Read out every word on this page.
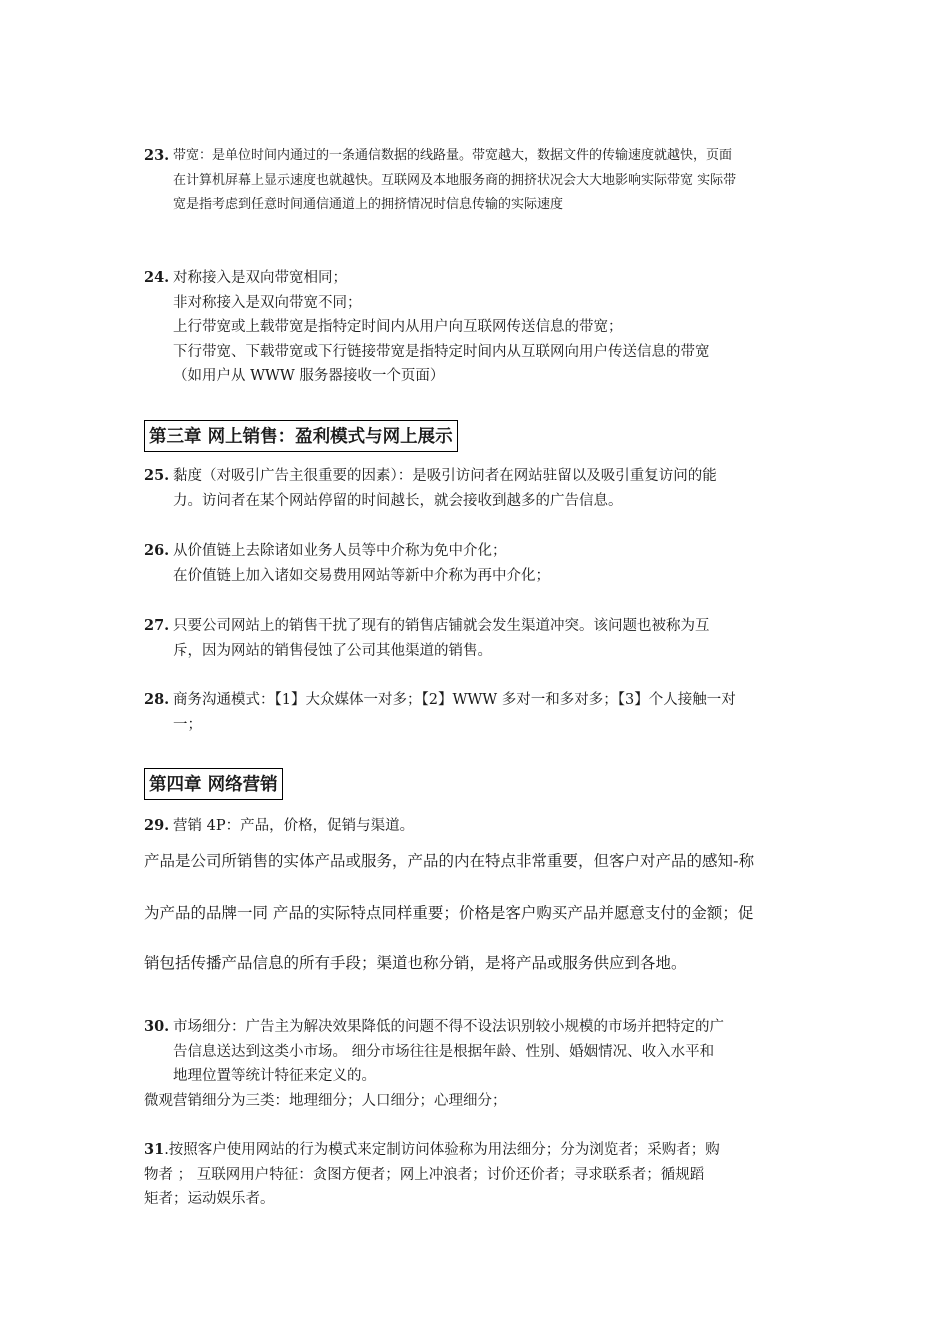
23. 带宽：是单位时间内通过的一条通信数据的线路量。带宽越大，数据文件的传输速度就越快，页面
在计算机屏幕上显示速度也就越快。互联网及本地服务商的拥挤状况会大大地影响实际带宽 实际带
宽是指考虑到任意时间通信通道上的拥挤情况时信息传输的实际速度
24. 对称接入是双向带宽相同；
非对称接入是双向带宽不同；
上行带宽或上载带宽是指特定时间内从用户向互联网传送信息的带宽；
下行带宽、下载带宽或下行链接带宽是指特定时间内从互联网向用户传送信息的带宽
（如用户从 WWW 服务器接收一个页面）
第三章 网上销售：盈利模式与网上展示
25. 黏度（对吸引广告主很重要的因素）：是吸引访问者在网站驻留以及吸引重复访问的能
力。访问者在某个网站停留的时间越长，就会接收到越多的广告信息。
26. 从价值链上去除诸如业务人员等中介称为免中介化；
在价值链上加入诸如交易费用网站等新中介称为再中介化；
27. 只要公司网站上的销售干扰了现有的销售店铺就会发生渠道冲突。该问题也被称为互
斥，因为网站的销售侵蚀了公司其他渠道的销售。
28. 商务沟通模式：【1】大众媒体一对多；【2】WWW 多对一和多对多；【3】个人接触一对
一；
第四章 网络营销
29. 营销 4P：产品，价格，促销与渠道。
产品是公司所销售的实体产品或服务，产品的内在特点非常重要，但客户对产品的感知-称
为产品的品牌一同 产品的实际特点同样重要；价格是客户购买产品并愿意支付的金额；促
销包括传播产品信息的所有手段；渠道也称分销，是将产品或服务供应到各地。
30. 市场细分：广告主为解决效果降低的问题不得不设法识别较小规模的市场并把特定的广
告信息送达到这类小市场。 细分市场往往是根据年龄、性别、婚姻情况、收入水平和
地理位置等统计特征来定义的。
微观营销细分为三类：地理细分；人口细分；心理细分；
31.按照客户使用网站的行为模式来定制访问体验称为用法细分；分为浏览者；采购者；购
物者 ； 互联网用户特征：贪图方便者；网上冲浪者；讨价还价者；寻求联系者；循规蹈
矩者；运动娱乐者。
